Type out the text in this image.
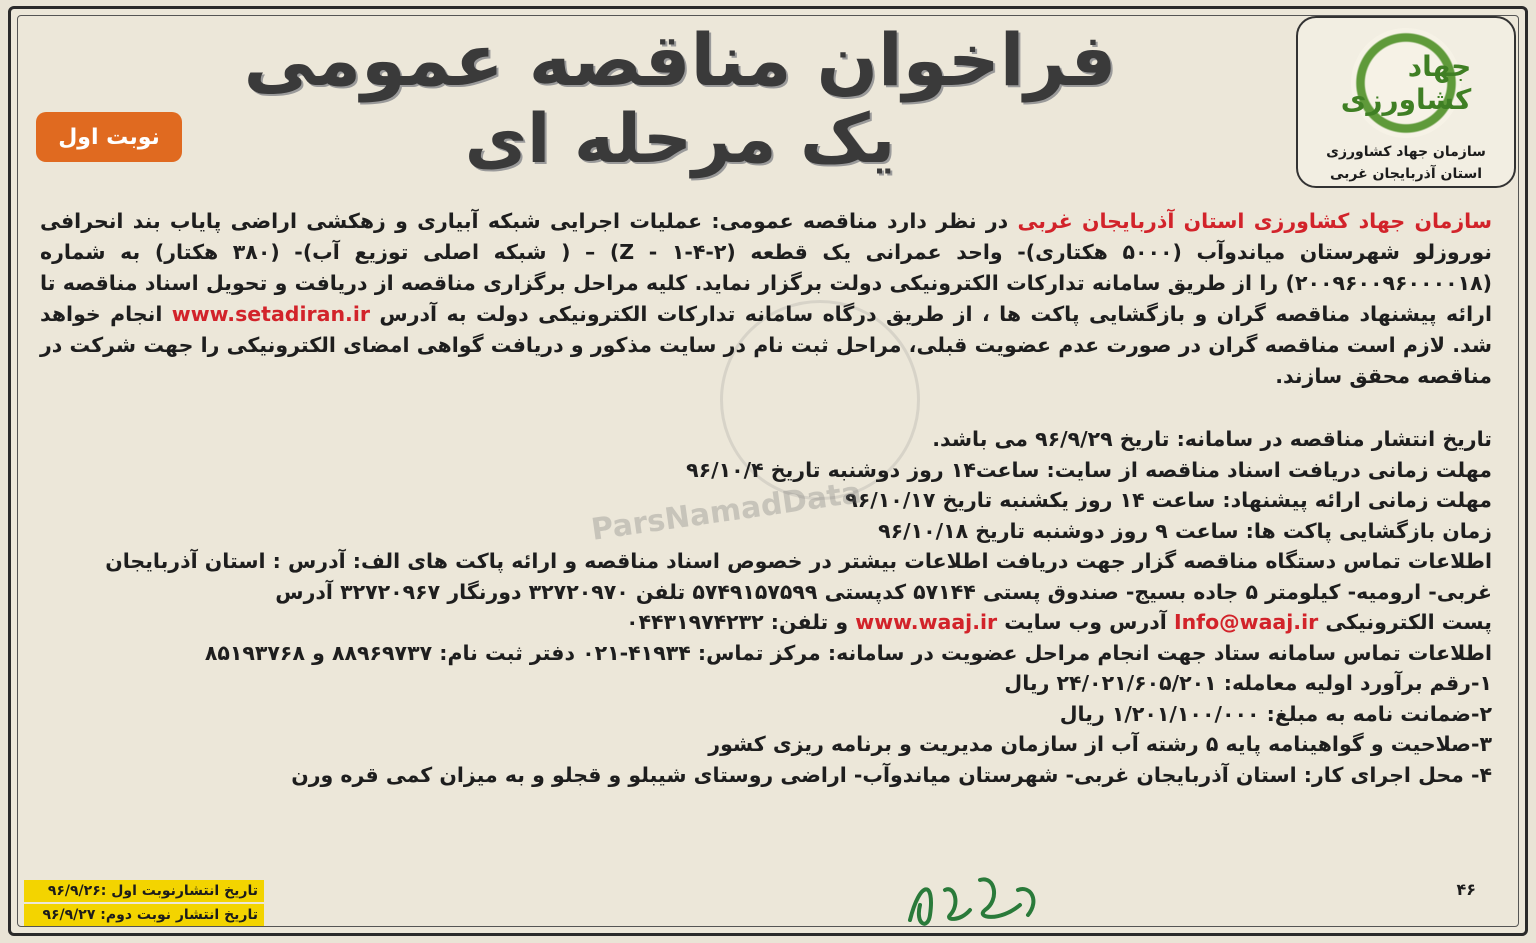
جهاد کشاورزی
سازمان جهاد کشاورزی
استان آذربایجان غربی
فراخوان مناقصه عمومی
یک مرحله ای
نوبت اول
سازمان جهاد کشاورزی استان آذربایجان غربی در نظر دارد مناقصه عمومی: عملیات اجرایی شبکه آبیاری و زهکشی اراضی پایاب بند انحرافی نوروزلو شهرستان میاندوآب (۵۰۰۰ هکتاری)- واحد عمرانی یک قطعه (۲-۴-۱ - Z) – ( شبکه اصلی توزیع آب)- (۳۸۰ هکتار) به شماره (۲۰۰۹۶۰۰۹۶۰۰۰۰۱۸) را از طریق سامانه تدارکات الکترونیکی دولت برگزار نماید. کلیه مراحل برگزاری مناقصه از دریافت و تحویل اسناد مناقصه تا ارائه پیشنهاد مناقصه گران و بازگشایی پاکت ها ، از طریق درگاه سامانه تدارکات الکترونیکی دولت به آدرس www.setadiran.ir انجام خواهد شد. لازم است مناقصه گران در صورت عدم عضویت قبلی، مراحل ثبت نام در سایت مذکور و دریافت گواهی امضای الکترونیکی را جهت شرکت در مناقصه محقق سازند.
تاریخ انتشار مناقصه در سامانه: تاریخ ۹۶/۹/۲۹ می باشد.
مهلت زمانی دریافت اسناد مناقصه از سایت: ساعت۱۴ روز دوشنبه تاریخ ۹۶/۱۰/۴
مهلت زمانی ارائه پیشنهاد: ساعت ۱۴ روز یکشنبه تاریخ ۹۶/۱۰/۱۷
زمان بازگشایی پاکت ها: ساعت ۹ روز دوشنبه تاریخ ۹۶/۱۰/۱۸
اطلاعات تماس دستگاه مناقصه گزار جهت دریافت اطلاعات بیشتر در خصوص اسناد مناقصه و ارائه پاکت های الف: آدرس : استان آذربایجان
غربی- ارومیه- کیلومتر ۵ جاده بسیج- صندوق پستی ۵۷۱۴۴ کدپستی ۵۷۴۹۱۵۷۵۹۹ تلفن ۳۲۷۲۰۹۷۰ دورنگار ۳۲۷۲۰۹۶۷ آدرس
پست الکترونیکی Info@waaj.ir آدرس وب سایت www.waaj.ir و تلفن: ۰۴۴۳۱۹۷۴۲۳۲
اطلاعات تماس سامانه ستاد جهت انجام مراحل عضویت در سامانه: مرکز تماس: ۴۱۹۳۴-۰۲۱ دفتر ثبت نام: ۸۸۹۶۹۷۳۷ و ۸۵۱۹۳۷۶۸
۱-رقم برآورد اولیه معامله: ۲۴/۰۲۱/۶۰۵/۲۰۱ ریال
۲-ضمانت نامه به مبلغ: ۱/۲۰۱/۱۰۰/۰۰۰ ریال
۳-صلاحیت و گواهینامه پایه ۵ رشته آب از سازمان مدیریت و برنامه ریزی کشور
۴- محل اجرای کار: استان آذربایجان غربی- شهرستان میاندوآب- اراضی روستای شیبلو و قجلو و به میزان کمی قره ورن
ParsNamadData
تاریخ انتشارنوبت اول :۹۶/۹/۲۶
تاریخ انتشار نوبت دوم: ۹۶/۹/۲۷
۴۶
